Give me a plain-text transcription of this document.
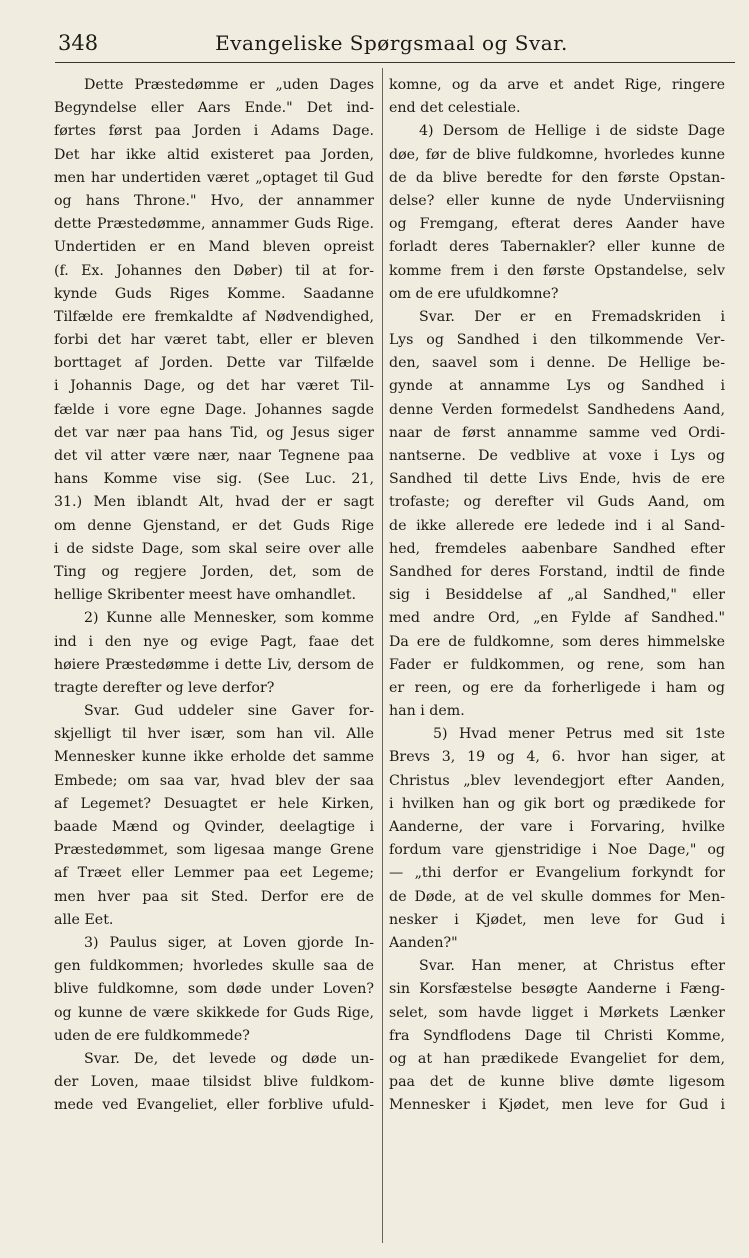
348	Evangeliske Spørgsmaal og Svar.
Dette Præstedømme er „uden Dages
Begyndelse eller Aars Ende." Det ind-
førtes først paa Jorden i Adams Dage.
Det har ikke altid existeret paa Jorden,
men har undertiden været „optaget til Gud
og hans Throne." Hvo, der annammer
dette Præstedømme, annammer Guds Rige.
Undertiden er en Mand bleven opreist
(f. Ex. Johannes den Døber) til at for-
kynde Guds Riges Komme. Saadanne
Tilfælde ere fremkaldte af Nødvendighed,
forbi det har været tabt, eller er bleven
borttaget af Jorden. Dette var Tilfælde
i Johannis Dage, og det har været Til-
fælde i vore egne Dage. Johannes sagde
det var nær paa hans Tid, og Jesus siger
det vil atter være nær, naar Tegnene paa
hans Komme vise sig. (See Luc. 21,
31.) Men iblandt Alt, hvad der er sagt
om denne Gjenstand, er det Guds Rige
i de sidste Dage, som skal seire over alle
Ting og regjere Jorden, det, som de
hellige Skribenter meest have omhandlet.
2) Kunne alle Mennesker, som komme
ind i den nye og evige Pagt, faae det
høiere Præstedømme i dette Liv, dersom de
tragte derefter og leve derfor?
Svar. Gud uddeler sine Gaver for-
skjelligt til hver især, som han vil. Alle
Mennesker kunne ikke erholde det samme
Embede; om saa var, hvad blev der saa
af Legemet? Desuagtet er hele Kirken,
baade Mænd og Qvinder, deelagtige i
Præstedømmet, som ligesaa mange Grene
af Træet eller Lemmer paa eet Legeme;
men hver paa sit Sted. Derfor ere de
alle Eet.
3) Paulus siger, at Loven gjorde In-
gen fuldkommen; hvorledes skulle saa de
blive fuldkomne, som døde under Loven?
og kunne de være skikkede for Guds Rige,
uden de ere fuldkommede?
Svar. De, det levede og døde un-
der Loven, maae tilsidst blive fuldkom-
mede ved Evangeliet, eller forblive ufuld-
komne, og da arve et andet Rige, ringere
end det celestiale.
4) Dersom de Hellige i de sidste Dage
døe, før de blive fuldkomne, hvorledes kunne
de da blive beredte for den første Opstan-
delse? eller kunne de nyde Underviisning
og Fremgang, efterat deres Aander have
forladt deres Tabernakler? eller kunne de
komme frem i den første Opstandelse, selv
om de ere ufuldkomne?
Svar. Der er en Fremadskriden i
Lys og Sandhed i den tilkommende Ver-
den, saavel som i denne. De Hellige be-
gynde at annamme Lys og Sandhed i
denne Verden formedelst Sandhedens Aand,
naar de først annamme samme ved Ordi-
nantserne. De vedblive at voxe i Lys og
Sandhed til dette Livs Ende, hvis de ere
trofaste; og derefter vil Guds Aand, om
de ikke allerede ere ledede ind i al Sand-
hed, fremdeles aabenbare Sandhed efter
Sandhed for deres Forstand, indtil de finde
sig i Besiddelse af „al Sandhed," eller
med andre Ord, „en Fylde af Sandhed."
Da ere de fuldkomne, som deres himmelske
Fader er fuldkommen, og rene, som han
er reen, og ere da forherligede i ham og
han i dem.
5) Hvad mener Petrus med sit 1ste
Brevs 3, 19 og 4, 6. hvor han siger, at
Christus „blev levendegjort efter Aanden,
i hvilken han og gik bort og prædikede for
Aanderne, der vare i Forvaring, hvilke
fordum vare gjenstridige i Noe Dage," og
— „thi derfor er Evangelium forkyndt for
de Døde, at de vel skulle dommes for Men-
nesker i Kjødet, men leve for Gud i
Aanden?"
Svar. Han mener, at Christus efter
sin Korsfæstelse besøgte Aanderne i Fæng-
selet, som havde ligget i Mørkets Lænker
fra Syndflodens Dage til Christi Komme,
og at han prædikede Evangeliet for dem,
paa det de kunne blive dømte ligesom
Mennesker i Kjødet, men leve for Gud i
